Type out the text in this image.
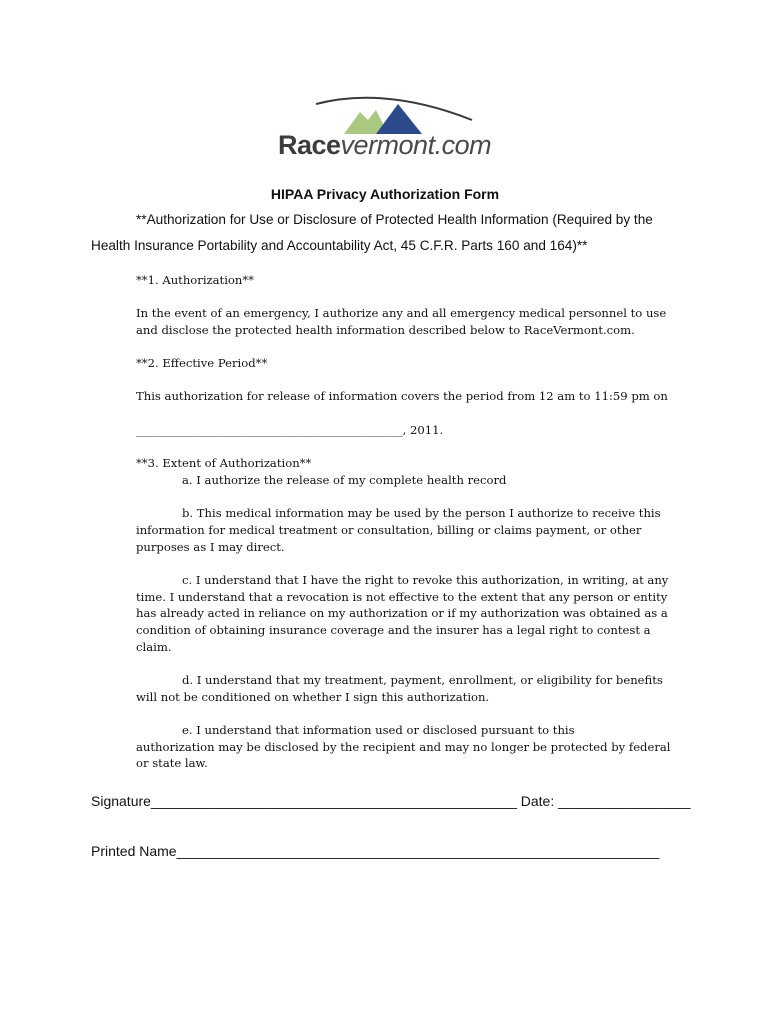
Racevermont.com
HIPAA Privacy Authorization Form
**Authorization for Use or Disclosure of Protected Health Information (Required by the
Health Insurance Portability and Accountability Act, 45 C.F.R. Parts 160 and 164)**
**1. Authorization**
In the event of an emergency, I authorize any and all emergency medical personnel to use
and disclose the protected health information described below to RaceVermont.com.
**2. Effective Period**
This authorization for release of information covers the period from 12 am to 11:59 pm on
______________________________________________, 2011.
**3. Extent of Authorization**
a. I authorize the release of my complete health record
b. This medical information may be used by the person I authorize to receive this
information for medical treatment or consultation, billing or claims payment, or other
purposes as I may direct.
c. I understand that I have the right to revoke this authorization, in writing, at any
time. I understand that a revocation is not effective to the extent that any person or entity
has already acted in reliance on my authorization or if my authorization was obtained as a
condition of obtaining insurance coverage and the insurer has a legal right to contest a
claim.
d. I understand that my treatment, payment, enrollment, or eligibility for benefits
will not be conditioned on whether I sign this authorization.
e. I understand that information used or disclosed pursuant to this
authorization may be disclosed by the recipient and may no longer be protected by federal
or state law.
Signature_______________________________________________ Date: _________________
Printed Name______________________________________________________________
